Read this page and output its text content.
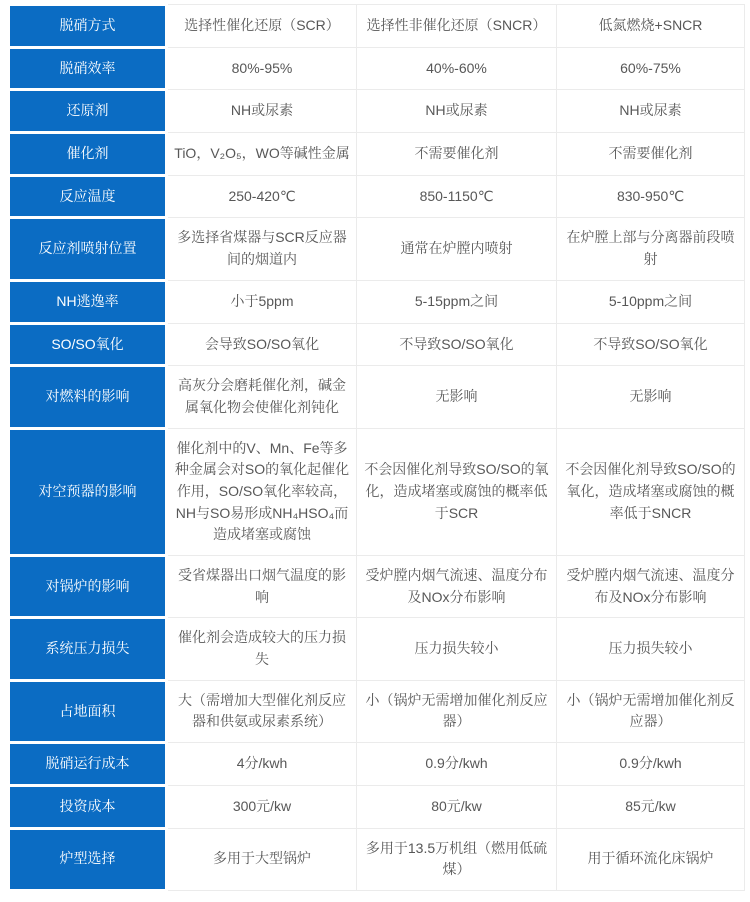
脱硝方式	选择性催化还原（SCR）	选择性非催化还原（SNCR）	低氮燃烧+SNCR
脱硝效率	80%-95%	40%-60%	60%-75%
还原剂	NH或尿素	NH或尿素	NH或尿素
催化剂	TiO，V₂O₅，WO等碱性金属	不需要催化剂	不需要催化剂
反应温度	250-420℃	850-1150℃	830-950℃
反应剂喷射位置	多选择省煤器与SCR反应器间的烟道内	通常在炉膛内喷射	在炉膛上部与分离器前段喷射
NH逃逸率	小于5ppm	5-15ppm之间	5-10ppm之间
SO/SO氧化	会导致SO/SO氧化	不导致SO/SO氧化	不导致SO/SO氧化
对燃料的影响	高灰分会磨耗催化剂，碱金属氧化物会使催化剂钝化	无影响	无影响
对空预器的影响	催化剂中的V、Mn、Fe等多种金属会对SO的氧化起催化作用，SO/SO氧化率较高，NH与SO易形成NH₄HSO₄而造成堵塞或腐蚀	不会因催化剂导致SO/SO的氧化，造成堵塞或腐蚀的概率低于SCR	不会因催化剂导致SO/SO的氧化，造成堵塞或腐蚀的概率低于SNCR
对锅炉的影响	受省煤器出口烟气温度的影响	受炉膛内烟气流速、温度分布及NOx分布影响	受炉膛内烟气流速、温度分布及NOx分布影响
系统压力损失	催化剂会造成较大的压力损失	压力损失较小	压力损失较小
占地面积	大（需增加大型催化剂反应器和供氨或尿素系统）	小（锅炉无需增加催化剂反应器）	小（锅炉无需增加催化剂反应器）
脱硝运行成本	4分/kwh	0.9分/kwh	0.9分/kwh
投资成本	300元/kw	80元/kw	85元/kw
炉型选择	多用于大型锅炉	多用于13.5万机组（燃用低硫煤）	用于循环流化床锅炉
